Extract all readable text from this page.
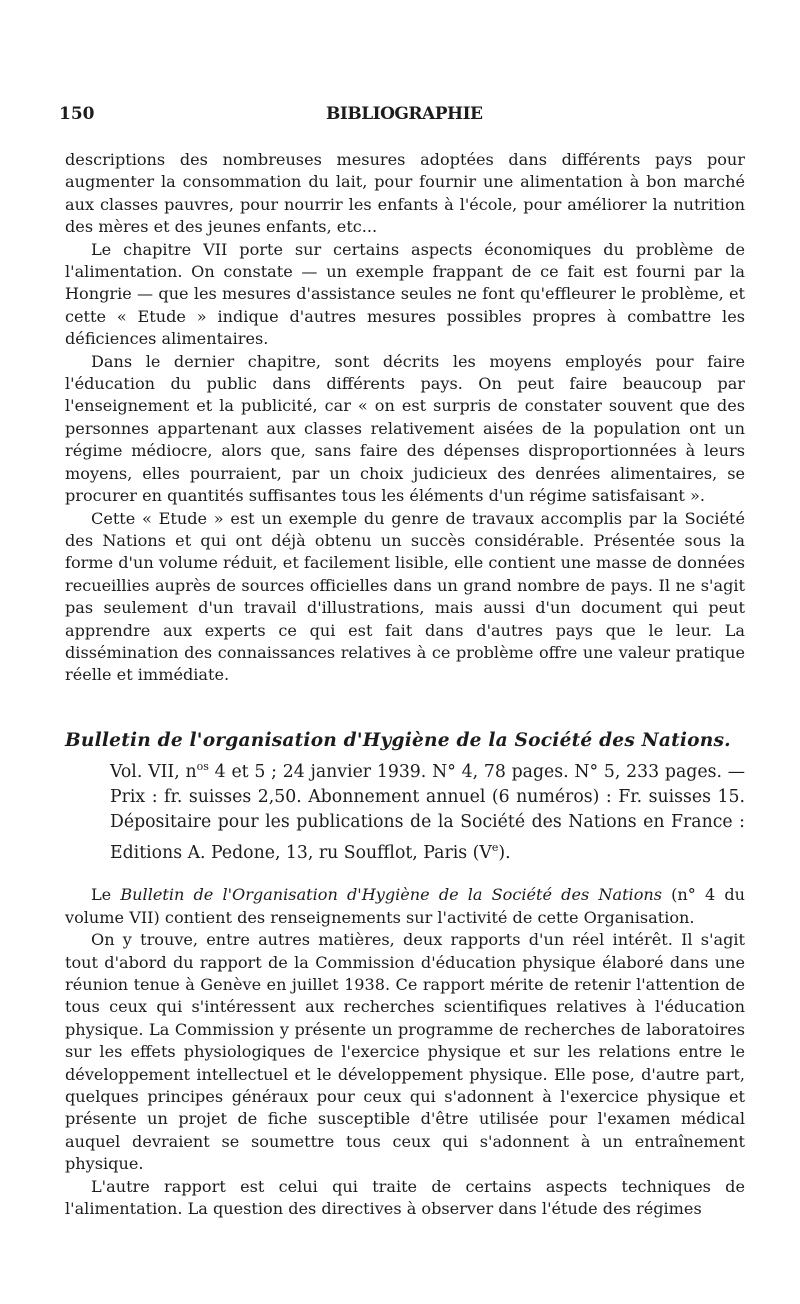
150	BIBLIOGRAPHIE

descriptions des nombreuses mesures adoptées dans différents pays pour augmenter la consommation du lait, pour fournir une alimentation à bon marché aux classes pauvres, pour nourrir les enfants à l'école, pour améliorer la nutrition des mères et des jeunes enfants, etc...

Le chapitre VII porte sur certains aspects économiques du problème de l'alimentation. On constate — un exemple frappant de ce fait est fourni par la Hongrie — que les mesures d'assistance seules ne font qu'effleurer le problème, et cette « Etude » indique d'autres mesures possibles propres à combattre les déficiences alimentaires.

Dans le dernier chapitre, sont décrits les moyens employés pour faire l'éducation du public dans différents pays. On peut faire beaucoup par l'enseignement et la publicité, car « on est surpris de constater souvent que des personnes appartenant aux classes relativement aisées de la population ont un régime médiocre, alors que, sans faire des dépenses disproportionnées à leurs moyens, elles pourraient, par un choix judicieux des denrées alimentaires, se procurer en quantités suffisantes tous les éléments d'un régime satisfaisant ».

Cette « Etude » est un exemple du genre de travaux accomplis par la Société des Nations et qui ont déjà obtenu un succès considérable. Présentée sous la forme d'un volume réduit, et facilement lisible, elle contient une masse de données recueillies auprès de sources officielles dans un grand nombre de pays. Il ne s'agit pas seulement d'un travail d'illustrations, mais aussi d'un document qui peut apprendre aux experts ce qui est fait dans d'autres pays que le leur. La dissémination des connaissances relatives à ce problème offre une valeur pratique réelle et immédiate.

Bulletin de l'organisation d'Hygiène de la Société des Nations.

Vol. VII, $n^{os}$ 4 et 5 ; 24 janvier 1939. N° 4, 78 pages. N° 5, 233 pages. — Prix : fr. suisses 2,50. Abonnement annuel (6 numéros) : Fr. suisses 15. Dépositaire pour les publications de la Société des Nations en France : Editions A. Pedone, 13, ru Soufflot, Paris (Ve).

Le Bulletin de l'Organisation d'Hygiène de la Société des Nations (n° 4 du volume VII) contient des renseignements sur l'activité de cette Organisation.

On y trouve, entre autres matières, deux rapports d'un réel intérêt. Il s'agit tout d'abord du rapport de la Commission d'éducation physique élaboré dans une réunion tenue à Genève en juillet 1938. Ce rapport mérite de retenir l'attention de tous ceux qui s'intéressent aux recherches scientifiques relatives à l'éducation physique. La Commission y présente un programme de recherches de laboratoires sur les effets physiologiques de l'exercice physique et sur les relations entre le développement intellectuel et le développement physique. Elle pose, d'autre part, quelques principes généraux pour ceux qui s'adonnent à l'exercice physique et présente un projet de fiche susceptible d'être utilisée pour l'examen médical auquel devraient se soumettre tous ceux qui s'adonnent à un entraînement physique.

L'autre rapport est celui qui traite de certains aspects techniques de l'alimentation. La question des directives à observer dans l'étude des régimes
